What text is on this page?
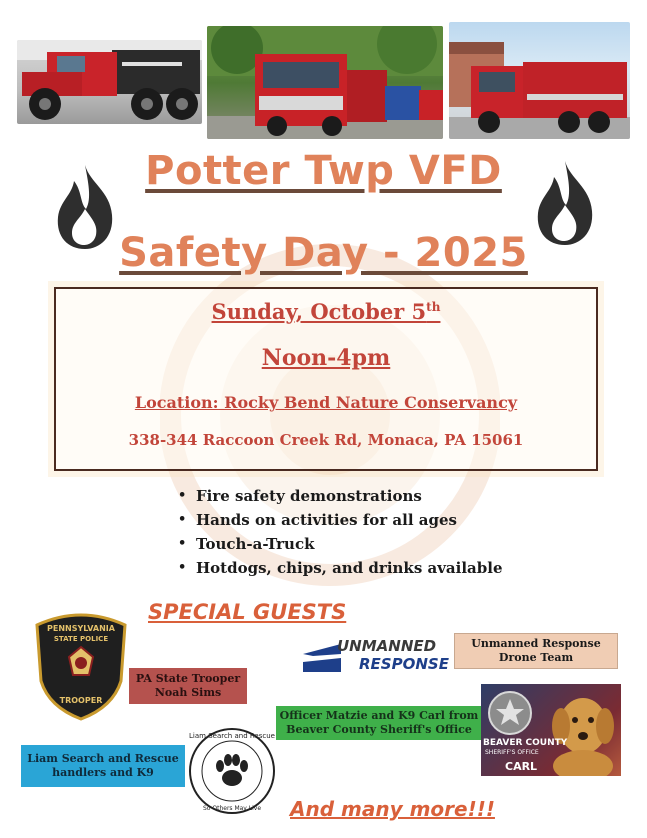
Potter Twp VFD
Safety Day - 2025
Sunday, October 5th
Noon-4pm
Location: Rocky Bend Nature Conservancy
338-344 Raccoon Creek Rd, Monaca, PA 15061
• Fire safety demonstrations
• Hands on activities for all ages
• Touch-a-Truck
• Hotdogs, chips, and drinks available
SPECIAL GUESTS
PENNSYLVANIA
STATE POLICE
TROOPER
PA State Trooper Noah Sims
UNMANNED
RESPONSE
Unmanned Response Drone Team
Officer Matzie and K9 Carl from Beaver County Sheriff's Office
BEAVER COUNTY
SHERIFF'S OFFICE
CARL
Liam Search and Rescue handlers and K9
Liam Search and Rescue
So Others May Live And many more!!!
